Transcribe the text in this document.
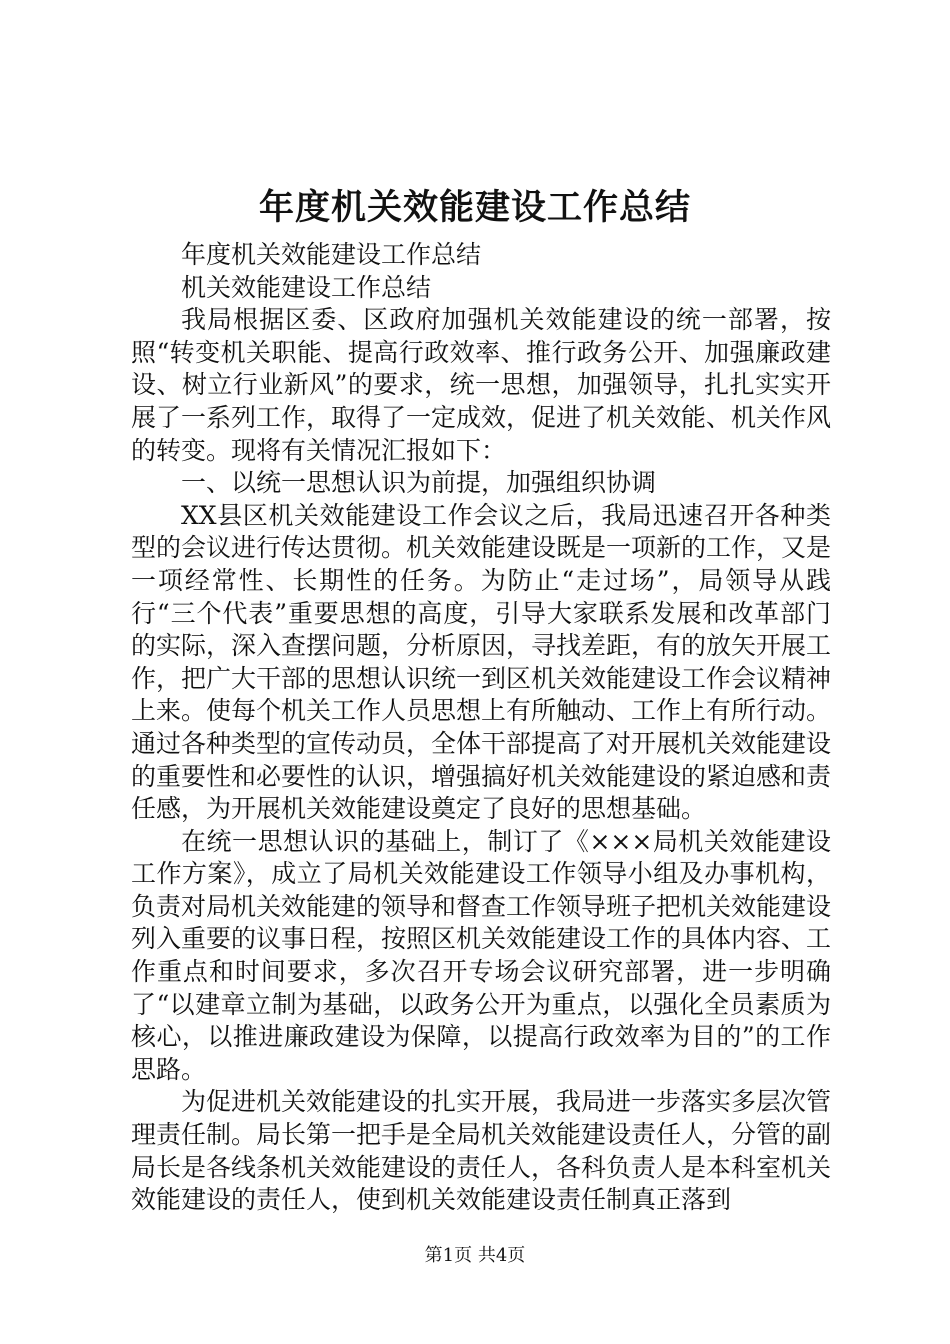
年度机关效能建设工作总结

年度机关效能建设工作总结

机关效能建设工作总结

我局根据区委、区政府加强机关效能建设的统一部署，按照“转变机关职能、提高行政效率、推行政务公开、加强廉政建设、树立行业新风”的要求，统一思想，加强领导，扎扎实实开展了一系列工作，取得了一定成效，促进了机关效能、机关作风的转变。现将有关情况汇报如下：

一、以统一思想认识为前提，加强组织协调

XX县区机关效能建设工作会议之后，我局迅速召开各种类型的会议进行传达贯彻。机关效能建设既是一项新的工作，又是一项经常性、长期性的任务。为防止“走过场”，局领导从践行“三个代表”重要思想的高度，引导大家联系发展和改革部门的实际，深入查摆问题，分析原因，寻找差距，有的放矢开展工作，把广大干部的思想认识统一到区机关效能建设工作会议精神上来。使每个机关工作人员思想上有所触动、工作上有所行动。通过各种类型的宣传动员，全体干部提高了对开展机关效能建设的重要性和必要性的认识，增强搞好机关效能建设的紧迫感和责任感，为开展机关效能建设奠定了良好的思想基础。

在统一思想认识的基础上，制订了《×××局机关效能建设工作方案》，成立了局机关效能建设工作领导小组及办事机构，负责对局机关效能建的领导和督查工作领导班子把机关效能建设列入重要的议事日程，按照区机关效能建设工作的具体内容、工作重点和时间要求，多次召开专场会议研究部署，进一步明确了“以建章立制为基础，以政务公开为重点，以强化全员素质为核心，以推进廉政建设为保障，以提高行政效率为目的”的工作思路。

为促进机关效能建设的扎实开展，我局进一步落实多层次管理责任制。局长第一把手是全局机关效能建设责任人，分管的副局长是各线条机关效能建设的责任人，各科负责人是本科室机关效能建设的责任人，使到机关效能建设责任制真正落到

第1页 共4页
